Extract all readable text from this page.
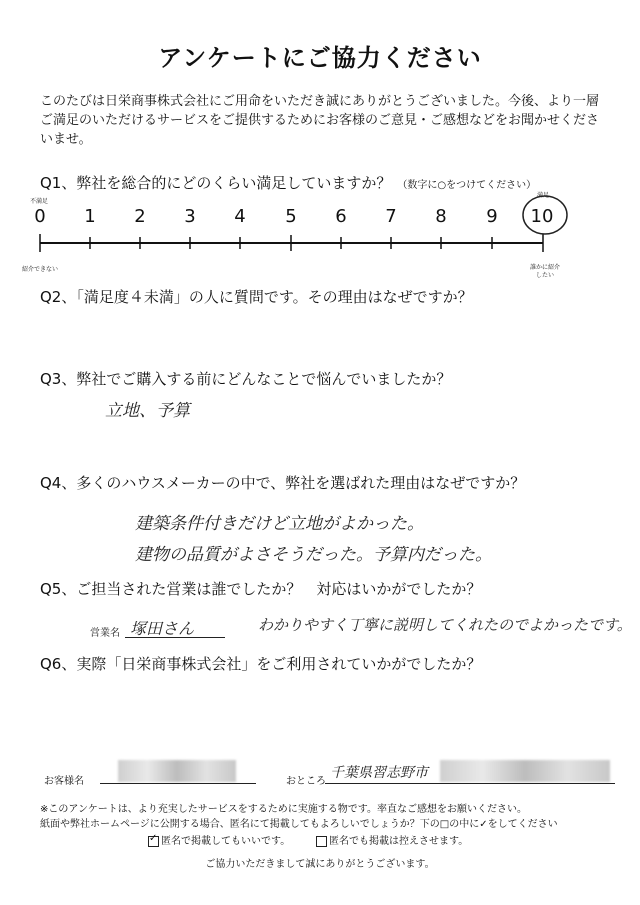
アンケートにご協力ください
このたびは日栄商事株式会社にご用命をいただき誠にありがとうございました。今後、より一層ご満足のいただけるサービスをご提供するためにお客様のご意見・ご感想などをお聞かせくださいませ。
Q1、弊社を総合的にどのくらい満足していますか？ （数字に○をつけてください）
不満足
紹介できない
満足
誰かに紹介したい
0	1	2	3	4	5	6	7	8	9	10
Q2、「満足度４未満」の人に質問です。その理由はなぜですか？
Q3、弊社でご購入する前にどんなことで悩んでいましたか？
立地、予算
Q4、多くのハウスメーカーの中で、弊社を選ばれた理由はなぜですか？
建築条件付きだけど立地がよかった。
建物の品質がよさそうだった。予算内だった。
Q5、ご担当された営業は誰でしたか？　対応はいかがでしたか？
営業名 塚田さん	わかりやすく丁寧に説明してくれたのでよかったです。
Q6、実際「日栄商事株式会社」をご利用されていかがでしたか？
お客様名	おところ
千葉県習志野市
※このアンケートは、より充実したサービスをするために実施する物です。率直なご感想をお願いください。
紙面や弊社ホームページに公開する場合、匿名にて掲載してもよろしいでしょうか？下の□の中に✓をしてください
✓ 匿名で掲載してもいいです。	匿名でも掲載は控えさせます。
ご協力いただきまして誠にありがとうございます。
